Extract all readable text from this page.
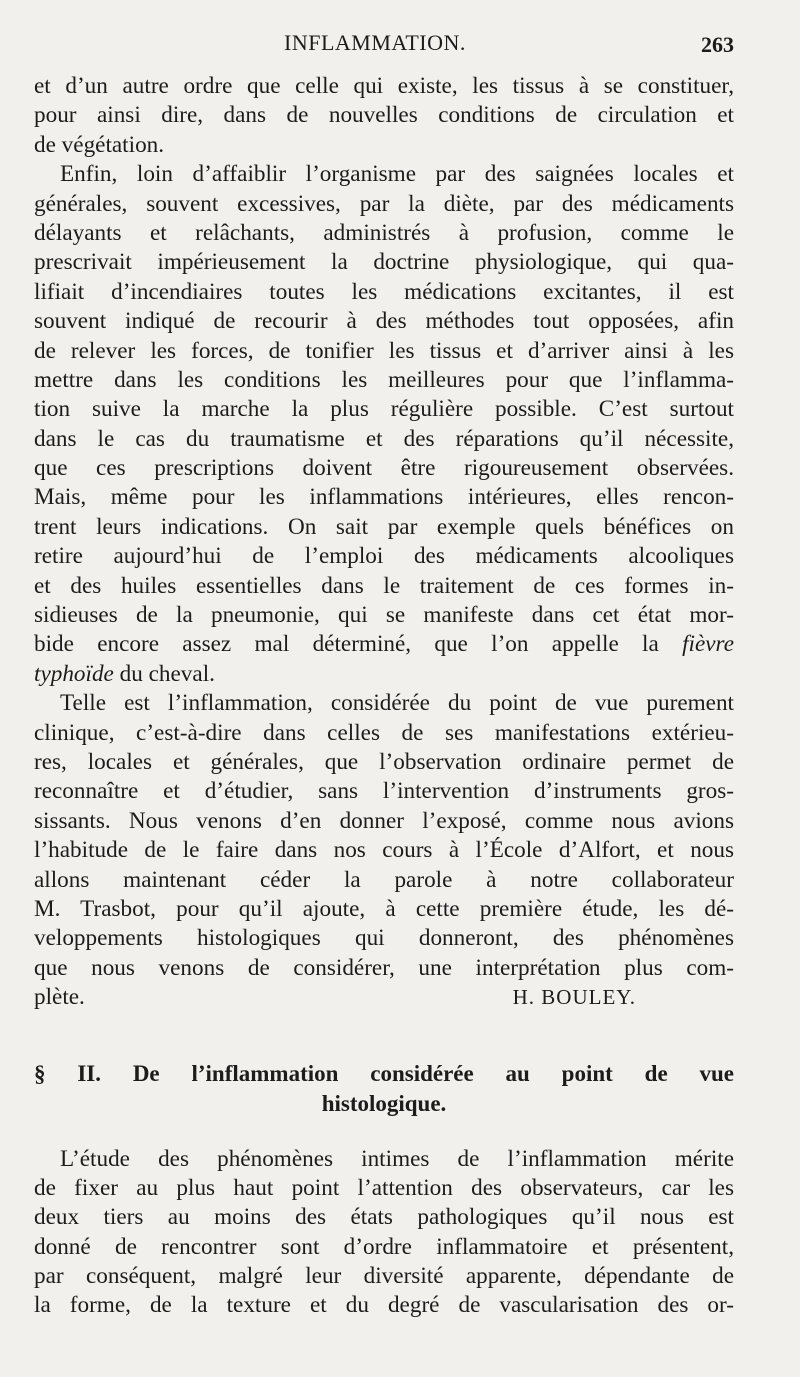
INFLAMMATION.	263
et d’un autre ordre que celle qui existe, les tissus à se constituer,
pour ainsi dire, dans de nouvelles conditions de circulation et
de végétation.
Enfin, loin d’affaiblir l’organisme par des saignées locales et
générales, souvent excessives, par la diète, par des médicaments
délayants et relâchants, administrés à profusion, comme le
prescrivait impérieusement la doctrine physiologique, qui qua-
lifiait d’incendiaires toutes les médications excitantes, il est
souvent indiqué de recourir à des méthodes tout opposées, afin
de relever les forces, de tonifier les tissus et d’arriver ainsi à les
mettre dans les conditions les meilleures pour que l’inflamma-
tion suive la marche la plus régulière possible. C’est surtout
dans le cas du traumatisme et des réparations qu’il nécessite,
que ces prescriptions doivent être rigoureusement observées.
Mais, même pour les inflammations intérieures, elles rencon-
trent leurs indications. On sait par exemple quels bénéfices on
retire aujourd’hui de l’emploi des médicaments alcooliques
et des huiles essentielles dans le traitement de ces formes in-
sidieuses de la pneumonie, qui se manifeste dans cet état mor-
bide encore assez mal déterminé, que l’on appelle la fièvre
typhoïde du cheval.
Telle est l’inflammation, considérée du point de vue purement
clinique, c’est-à-dire dans celles de ses manifestations extérieu-
res, locales et générales, que l’observation ordinaire permet de
reconnaître et d’étudier, sans l’intervention d’instruments gros-
sissants. Nous venons d’en donner l’exposé, comme nous avions
l’habitude de le faire dans nos cours à l’École d’Alfort, et nous
allons maintenant céder la parole à notre collaborateur
M. Trasbot, pour qu’il ajoute, à cette première étude, les dé-
veloppements histologiques qui donneront, des phénomènes
que nous venons de considérer, une interprétation plus com-
plète.	H. BOULEY.
§ II. De l’inflammation considérée au point de vue
histologique.
L’étude des phénomènes intimes de l’inflammation mérite
de fixer au plus haut point l’attention des observateurs, car les
deux tiers au moins des états pathologiques qu’il nous est
donné de rencontrer sont d’ordre inflammatoire et présentent,
par conséquent, malgré leur diversité apparente, dépendante de
la forme, de la texture et du degré de vascularisation des or-
